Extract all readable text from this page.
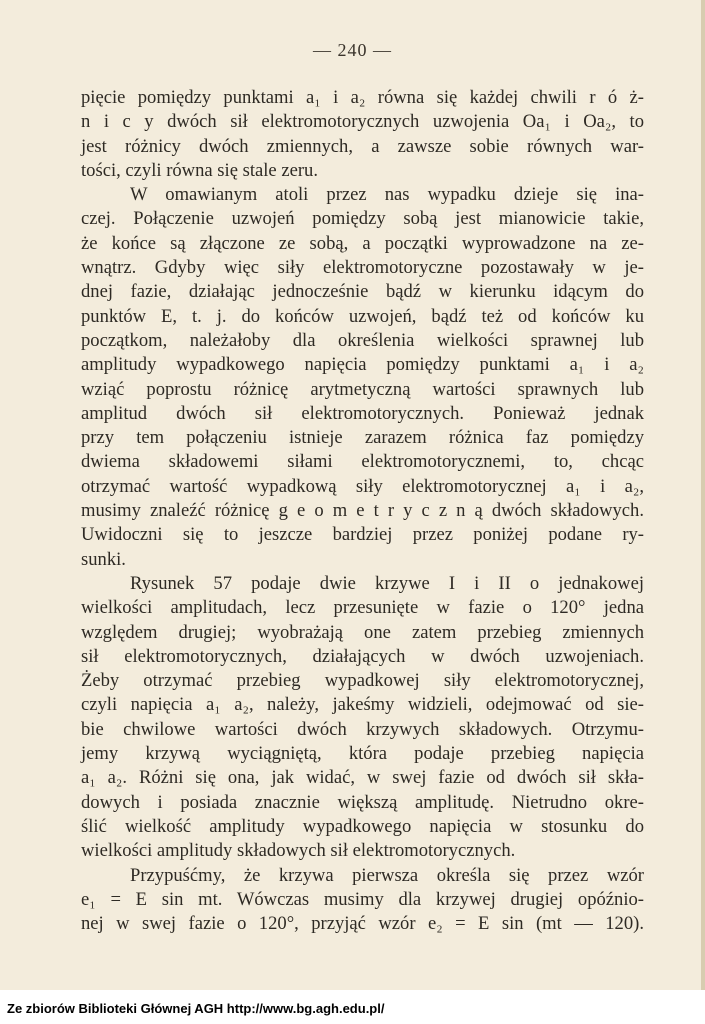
— 240 —
pięcie pomiędzy punktami a₁ i a₂ równa się każdej chwili r ó ż-
n i c y dwóch sił elektromotorycznych uzwojenia Oa₁ i Oa₂, to
jest różnicy dwóch zmiennych, a zawsze sobie równych war-
tości, czyli równa się stale zeru.
W omawianym atoli przez nas wypadku dzieje się ina-
czej. Połączenie uzwojeń pomiędzy sobą jest mianowicie takie,
że końce są złączone ze sobą, a początki wyprowadzone na ze-
wnątrz. Gdyby więc siły elektromotoryczne pozostawały w je-
dnej fazie, działając jednocześnie bądź w kierunku idącym do
punktów E, t. j. do końców uzwojeń, bądź też od końców ku
początkom, należałoby dla określenia wielkości sprawnej lub
amplitudy wypadkowego napięcia pomiędzy punktami a₁ i a₂
wziąć poprostu różnicę arytmetyczną wartości sprawnych lub
amplitud dwóch sił elektromotorycznych. Ponieważ jednak
przy tem połączeniu istnieje zarazem różnica faz pomiędzy
dwiema składowemi siłami elektromotorycznemi, to, chcąc
otrzymać wartość wypadkową siły elektromotorycznej a₁ i a₂,
musimy znaleźć różnicę g e o m e t r y c z n ą dwóch składowych.
Uwidoczni się to jeszcze bardziej przez poniżej podane ry-
sunki.
Rysunek 57 podaje dwie krzywe I i II o jednakowej
wielkości amplitudach, lecz przesunięte w fazie o 120° jedna
względem drugiej; wyobrażają one zatem przebieg zmiennych
sił elektromotorycznych, działających w dwóch uzwojeniach.
Żeby otrzymać przebieg wypadkowej siły elektromotorycznej,
czyli napięcia a₁ a₂, należy, jakeśmy widzieli, odejmować od sie-
bie chwilowe wartości dwóch krzywych składowych. Otrzymu-
jemy krzywą wyciągniętą, która podaje przebieg napięcia
a₁ a₂. Różni się ona, jak widać, w swej fazie od dwóch sił skła-
dowych i posiada znacznie większą amplitudę. Nietrudno okre-
ślić wielkość amplitudy wypadkowego napięcia w stosunku do
wielkości amplitudy składowych sił elektromotorycznych.
Przypuśćmy, że krzywa pierwsza określa się przez wzór
e₁ = E sin mt. Wówczas musimy dla krzywej drugiej opóźnio-
nej w swej fazie o 120°, przyjąć wzór e₂ = E sin (mt — 120).
Ze zbiorów Biblioteki Głównej AGH http://www.bg.agh.edu.pl/
